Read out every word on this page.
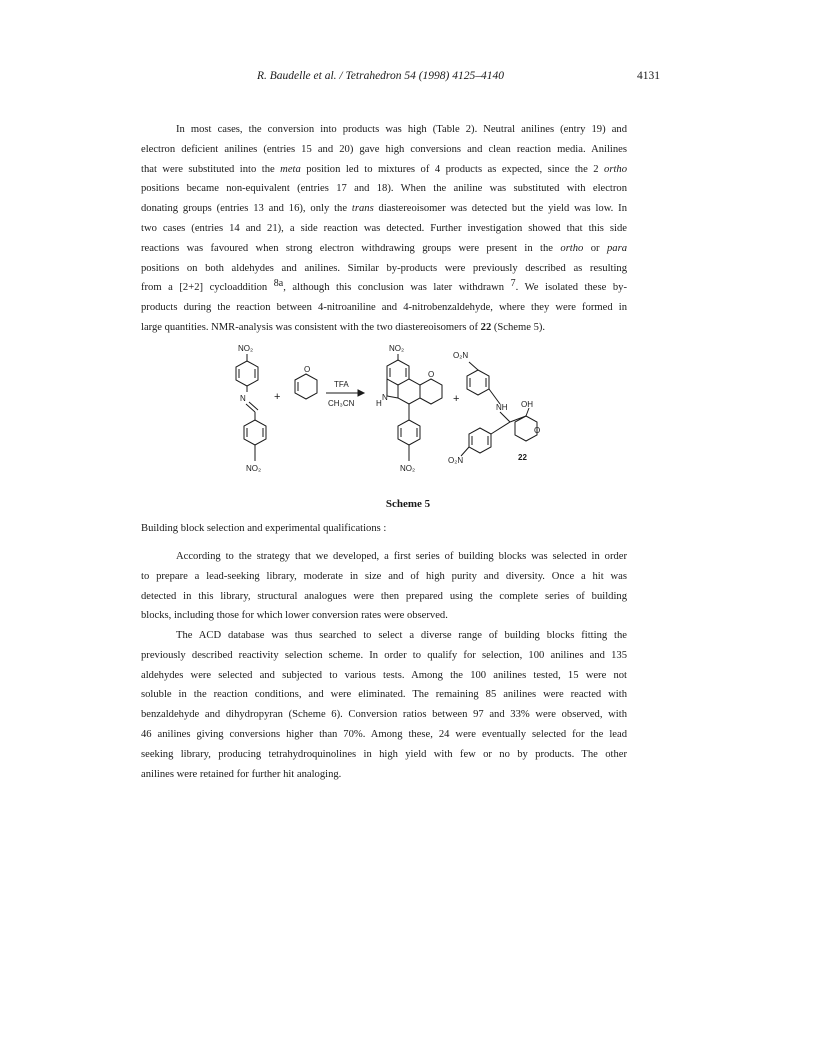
R. Baudelle et al. / Tetrahedron 54 (1998) 4125–4140	4131
In most cases, the conversion into products was high (Table 2). Neutral anilines (entry 19) and
electron deficient anilines (entries 15 and 20) gave high conversions and clean reaction media. Anilines
that were substituted into the meta position led to mixtures of 4 products as expected, since the 2 ortho
positions became non-equivalent (entries 17 and 18). When the aniline was substituted with electron
donating groups (entries 13 and 16), only the trans diastereoisomer was detected but the yield was low. In
two cases (entries 14 and 21), a side reaction was detected. Further investigation showed that this side
reactions was favoured when strong electron withdrawing groups were present in the ortho or para
positions on both aldehydes and anilines. Similar by-products were previously described as resulting
from a [2+2] cycloaddition $^{8a}$, although this conclusion was later withdrawn $^7$. We isolated these by-
products during the reaction between 4-nitroaniline and 4-nitrobenzaldehyde, where they were formed in
large quantities. NMR-analysis was consistent with the two diastereoisomers of 22 (Scheme 5).
NO₂
N
NO₂
+
O
TFA
CH₃CN
NO₂
O
H
N
NO₂
+
O₂N
NH OH
O
O₂N	22
Scheme 5
Building block selection and experimental qualifications :
According to the strategy that we developed, a first series of building blocks was selected in order
to prepare a lead-seeking library, moderate in size and of high purity and diversity. Once a hit was
detected in this library, structural analogues were then prepared using the complete series of building
blocks, including those for which lower conversion rates were observed.
The ACD database was thus searched to select a diverse range of building blocks fitting the
previously described reactivity selection scheme. In order to qualify for selection, 100 anilines and 135
aldehydes were selected and subjected to various tests. Among the 100 anilines tested, 15 were not
soluble in the reaction conditions, and were eliminated. The remaining 85 anilines were reacted with
benzaldehyde and dihydropyran (Scheme 6). Conversion ratios between 97 and 33% were observed, with
46 anilines giving conversions higher than 70%. Among these, 24 were eventually selected for the lead
seeking library, producing tetrahydroquinolines in high yield with few or no by products. The other
anilines were retained for further hit analoging.
